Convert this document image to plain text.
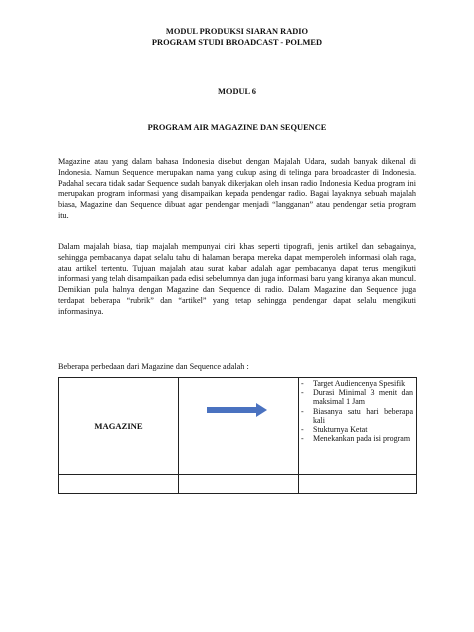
MODUL PRODUKSI SIARAN RADIO
PROGRAM STUDI BROADCAST - POLMED
MODUL 6
PROGRAM AIR MAGAZINE DAN SEQUENCE

Magazine atau yang dalam bahasa Indonesia disebut dengan Majalah Udara, sudah banyak dikenal di Indonesia. Namun Sequence merupakan nama yang cukup asing di telinga para broadcaster di Indonesia. Padahal secara tidak sadar Sequence sudah banyak dikerjakan oleh insan radio Indonesia Kedua program ini merupakan program informasi yang disampaikan kepada pendengar radio. Bagai layaknya sebuah majalah biasa, Magazine dan Sequence dibuat agar pendengar menjadi “langganan” atau pendengar setia program itu.

Dalam majalah biasa, tiap majalah mempunyai ciri khas seperti tipografi, jenis artikel dan sebagainya, sehingga pembacanya dapat selalu tahu di halaman berapa mereka dapat memperoleh informasi olah raga, atau artikel tertentu. Tujuan majalah atau surat kabar adalah agar pembacanya dapat terus mengikuti informasi yang telah disampaikan pada edisi sebelumnya dan juga informasi baru yang kiranya akan muncul. Demikian pula halnya dengan Magazine dan Sequence di radio. Dalam Magazine dan Sequence juga terdapat beberapa “rubrik” dan “artikel” yang tetap sehingga pendengar dapat selalu mengikuti informasinya.

Beberapa perbedaan dari Magazine dan Sequence adalah :

MAGAZINE
- Target Audiencenya Spesifik
- Durasi Minimal 3 menit dan maksimal 1 Jam
- Biasanya satu hari beberapa kali
- Stukturnya Ketat
- Menekankan pada isi program
